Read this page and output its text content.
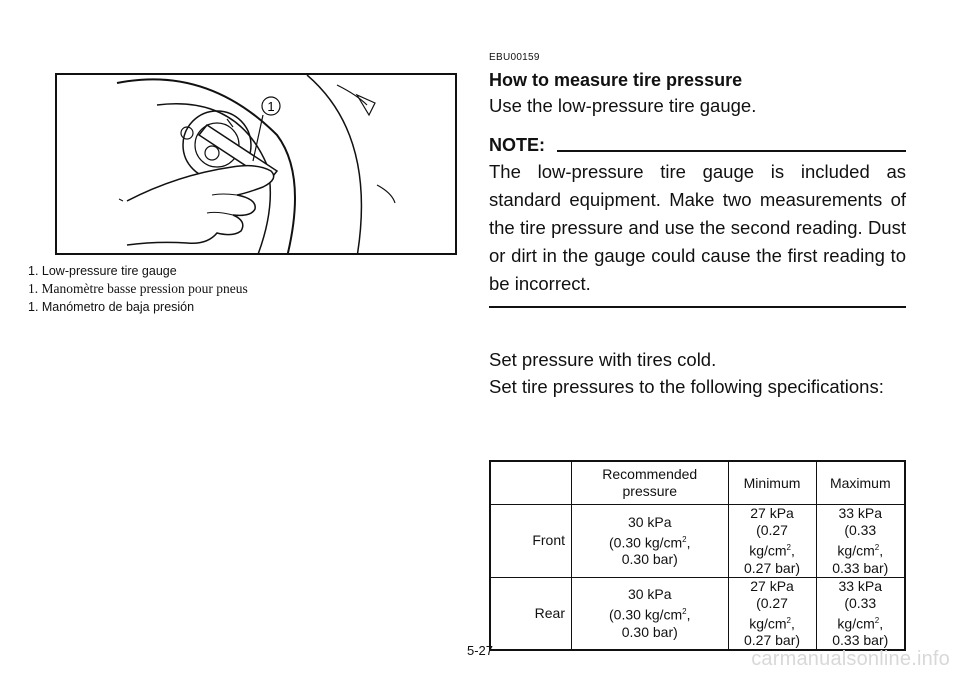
1
1. Low-pressure tire gauge
1. Manomètre basse pression pour pneus
1. Manómetro de baja presión
EBU00159
How to measure tire pressure
Use the low-pressure tire gauge.
NOTE:
The low-pressure tire gauge is included as standard equipment. Make two measurements of the tire pressure and use the second reading. Dust or dirt in the gauge could cause the first reading to be incorrect.
Set pressure with tires cold.
Set tire pressures to the following specifications:
	Recommended pressure	Minimum	Maximum
Front	30 kPa
(0.30 $kg/cm^2$,
0.30 bar)	27 kPa
(0.27 $kg/cm^2$,
0.27 bar)	33 kPa
(0.33 $kg/cm^2$,
0.33 bar)

Rear	30 kPa
(0.30 $kg/cm^2$,
0.30 bar)	27 kPa
(0.27 $kg/cm^2$,
0.27 bar)	33 kPa
(0.33 $kg/cm^2$,
0.33 bar)
5-27	carmanualsonline.info
